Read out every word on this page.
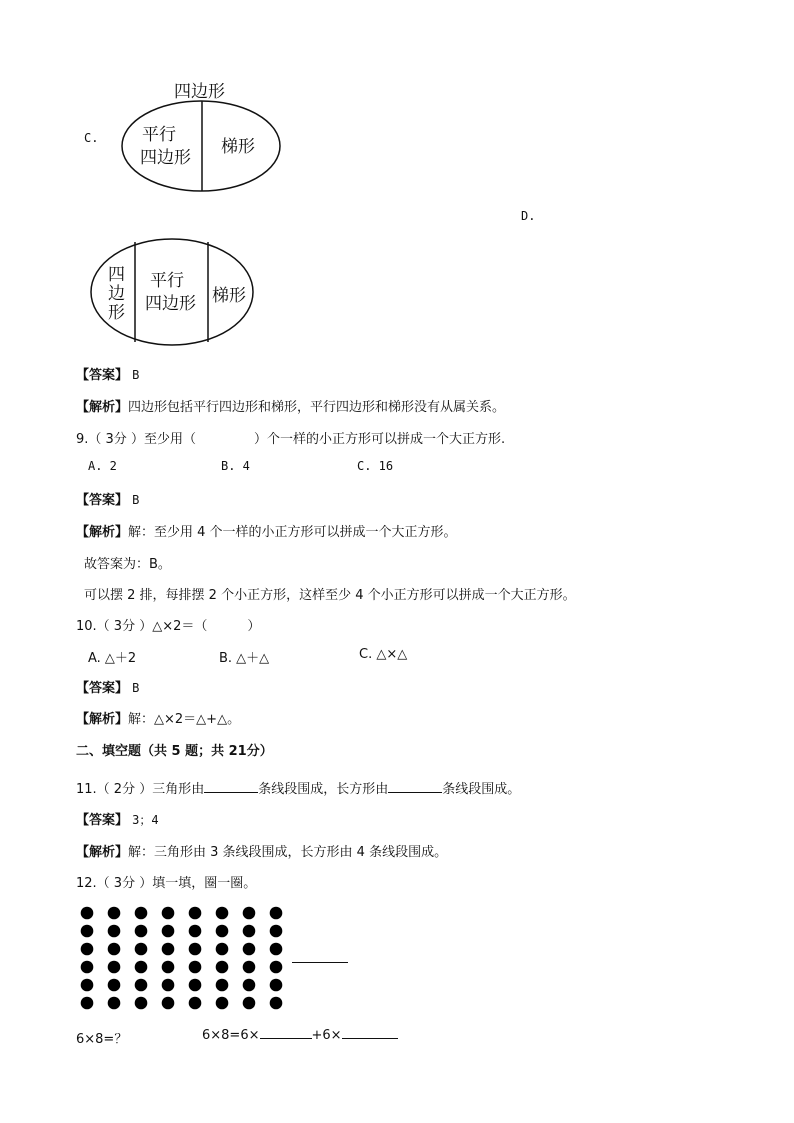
C.
四边形
平行
四边形
梯形
D.
四
边
形
平行
四边形 梯形
【答案】 B
【解析】四边形包括平行四边形和梯形，平行四边形和梯形没有从属关系。
9.（ 3分 ）至少用（	）个一样的小正方形可以拼成一个大正方形.
A. 2	B. 4	C. 16
【答案】 B
【解析】解：至少用 4 个一样的小正方形可以拼成一个大正方形。
故答案为：B。
可以摆 2 排，每排摆 2 个小正方形，这样至少 4 个小正方形可以拼成一个大正方形。
10.（ 3分 ）△×2＝（	）
A. △＋2	B. △＋△	C. △×△
【答案】 B
【解析】解：△×2＝△+△。
二、填空题（共 5 题；共 21分）
11.（ 2分 ）三角形由	条线段围成，长方形由	条线段围成。
【答案】 3；4
【解析】解：三角形由 3 条线段围成，长方形由 4 条线段围成。
12.（ 3分 ）填一填，圈一圈。
6×8=？	6×8=6×	+6×
